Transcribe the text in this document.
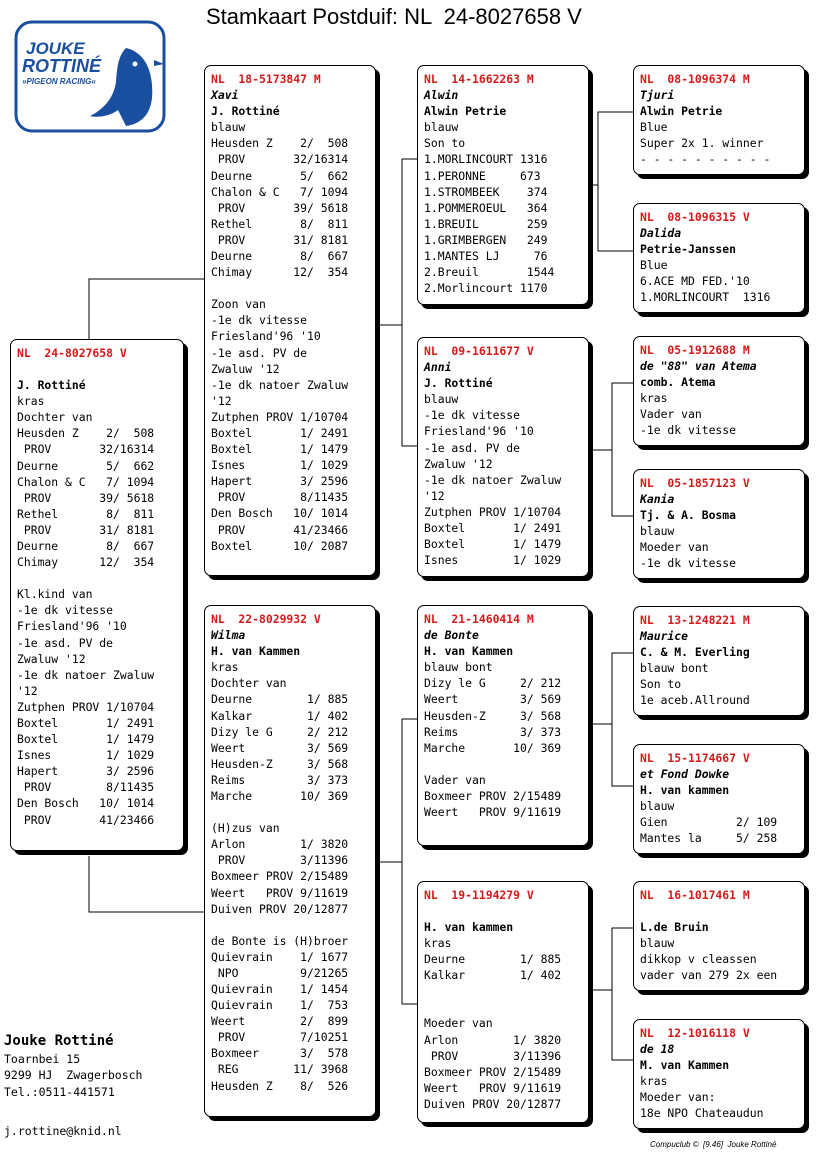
Stamkaart Postduif: NL  24-8027658 V
JOUKE
ROTTINÉ
»PIGEON RACING«
NL  24-8027658 V
J. Rottiné
kras
Dochter van
Heusden Z    2/  508
PROV       32/16314
Deurne       5/  662
Chalon & C   7/ 1094
PROV       39/ 5618
Rethel       8/  811
PROV       31/ 8181
Deurne       8/  667
Chimay      12/  354
Kl.kind van
-1e dk vitesse
Friesland'96 '10
-1e asd. PV de
Zwaluw '12
-1e dk natoer Zwaluw
'12
Zutphen PROV 1/10704
Boxtel       1/ 2491
Boxtel       1/ 1479
Isnes        1/ 1029
Hapert       3/ 2596
PROV        8/11435
Den Bosch   10/ 1014
PROV       41/23466
NL  18-5173847 M
Xavi
J. Rottiné
blauw
Heusden Z    2/  508
PROV       32/16314
Deurne       5/  662
Chalon & C   7/ 1094
PROV       39/ 5618
Rethel       8/  811
PROV       31/ 8181
Deurne       8/  667
Chimay      12/  354
Zoon van
-1e dk vitesse
Friesland'96 '10
-1e asd. PV de
Zwaluw '12
-1e dk natoer Zwaluw
'12
Zutphen PROV 1/10704
Boxtel       1/ 2491
Boxtel       1/ 1479
Isnes        1/ 1029
Hapert       3/ 2596
PROV        8/11435
Den Bosch   10/ 1014
PROV       41/23466
Boxtel      10/ 2087
NL  22-8029932 V
Wilma
H. van Kammen
kras
Dochter van
Deurne        1/ 885
Kalkar        1/ 402
Dizy le G     2/ 212
Weert         3/ 569
Heusden-Z     3/ 568
Reims         3/ 373
Marche       10/ 369
(H)zus van
Arlon        1/ 3820
PROV        3/11396
Boxmeer PROV 2/15489
Weert   PROV 9/11619
Duiven PROV 20/12877
de Bonte is (H)broer
Quievrain    1/ 1677
NPO         9/21265
Quievrain    1/ 1454
Quievrain    1/  753
Weert        2/  899
PROV        7/10251
Boxmeer      3/  578
REG        11/ 3968
Heusden Z    8/  526
NL  14-1662263 M
Alwin
Alwin Petrie
blauw
Son to
1.MORLINCOURT 1316
1.PERONNE     673
1.STROMBEEK    374
1.POMMEROEUL   364
1.BREUIL       259
1.GRIMBERGEN   249
1.MANTES LJ     76
2.Breuil       1544
2.Morlincourt 1170
NL  09-1611677 V
Anni
J. Rottiné
blauw
-1e dk vitesse
Friesland'96 '10
-1e asd. PV de
Zwaluw '12
-1e dk natoer Zwaluw
'12
Zutphen PROV 1/10704
Boxtel       1/ 2491
Boxtel       1/ 1479
Isnes        1/ 1029
NL  21-1460414 M
de Bonte
H. van Kammen
blauw bont
Dizy le G     2/ 212
Weert         3/ 569
Heusden-Z     3/ 568
Reims         3/ 373
Marche       10/ 369
Vader van
Boxmeer PROV 2/15489
Weert   PROV 9/11619
NL  19-1194279 V
H. van kammen
kras
Deurne        1/ 885
Kalkar        1/ 402
Moeder van
Arlon        1/ 3820
PROV        3/11396
Boxmeer PROV 2/15489
Weert   PROV 9/11619
Duiven PROV 20/12877
NL  08-1096374 M
Tjuri
Alwin Petrie
Blue
Super 2x 1. winner
- - - - - - - - - -
NL  08-1096315 V
Dalida
Petrie-Janssen
Blue
6.ACE MD FED.'10
1.MORLINCOURT  1316
NL  05-1912688 M
de "88" van Atema
comb. Atema
kras
Vader van
-1e dk vitesse
NL  05-1857123 V
Kania
Tj. & A. Bosma
blauw
Moeder van
-1e dk vitesse
NL  13-1248221 M
Maurice
C. & M. Everling
blauw bont
Son to
1e aceb.Allround
NL  15-1174667 V
et Fond Dowke
H. van kammen
blauw
Gien          2/ 109
Mantes la     5/ 258
NL  16-1017461 M
L.de Bruin
blauw
dikkop v cleassen
vader van 279 2x een
NL  12-1016118 V
de 18
M. van Kammen
kras
Moeder van:
18e NPO Chateaudun
Jouke Rottiné
Toarnbei 15
9299 HJ  Zwagerbosch
Tel.:0511-441571
j.rottine@knid.nl
Compuclub ©  [9.46]  Jouke Rottiné
